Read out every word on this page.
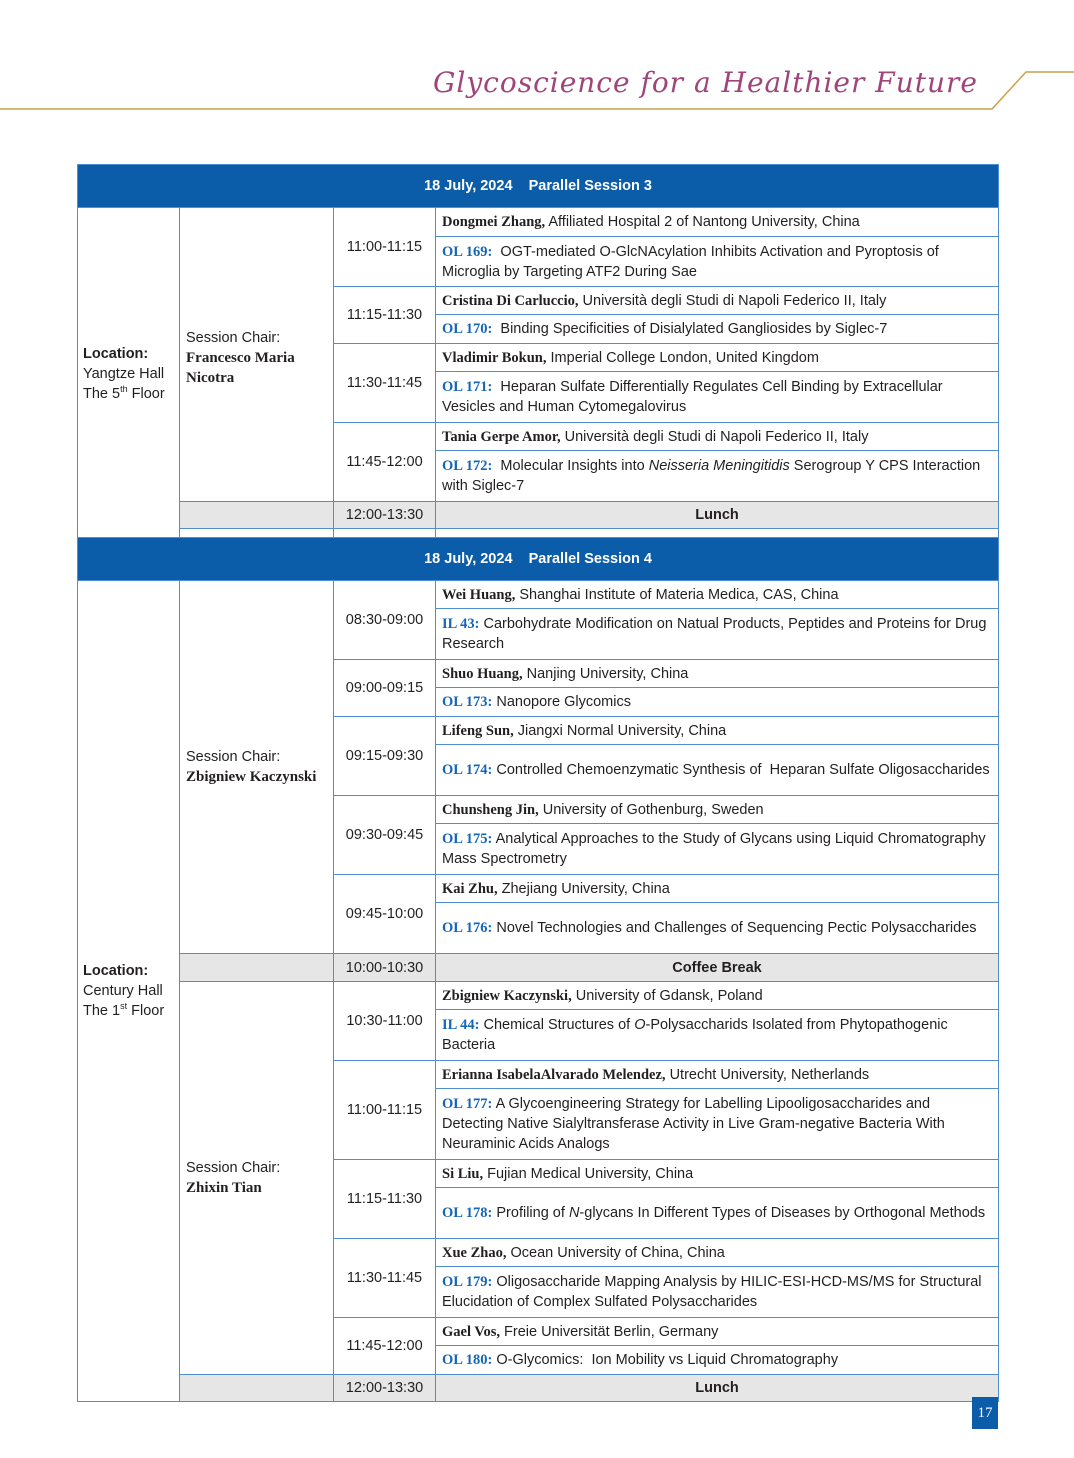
Glycoscience for a Healthier Future
18 July, 2024    Parallel Session 3			
Location:
Yangtze Hall
The 5th Floor	Session Chair:
Francesco Maria Nicotra	11:00-11:15	Dongmei Zhang, Affiliated Hospital 2 of Nantong University, China
			OL 169:  OGT-mediated O-GlcNAcylation Inhibits Activation and Pyroptosis of Microglia by Targeting ATF2 During Sae
		11:15-11:30	Cristina Di Carluccio, Università degli Studi di Napoli Federico II, Italy
			OL 170:  Binding Specificities of Disialylated Gangliosides by Siglec-7
		11:30-11:45	Vladimir Bokun, Imperial College London, United Kingdom
			OL 171:  Heparan Sulfate Differentially Regulates Cell Binding by Extracellular Vesicles and Human Cytomegalovirus
		11:45-12:00	Tania Gerpe Amor, Università degli Studi di Napoli Federico II, Italy
			OL 172:  Molecular Insights into Neisseria Meningitidis Serogroup Y CPS Interaction with Siglec-7
		12:00-13:30	Lunch

18 July, 2024    Parallel Session 4			
Location:
Century Hall
The 1st Floor	Session Chair:
Zbigniew Kaczynski	08:30-09:00	Wei Huang, Shanghai Institute of Materia Medica, CAS, China
			IL 43: Carbohydrate Modification on Natual Products, Peptides and Proteins for Drug Research
		09:00-09:15	Shuo Huang, Nanjing University, China
			OL 173: Nanopore Glycomics
		09:15-09:30	Lifeng Sun, Jiangxi Normal University, China
			OL 174: Controlled Chemoenzymatic Synthesis of  Heparan Sulfate Oligosaccharides
		09:30-09:45	Chunsheng Jin, University of Gothenburg, Sweden
			OL 175: Analytical Approaches to the Study of Glycans using Liquid Chromatography Mass Spectrometry
		09:45-10:00	Kai Zhu, Zhejiang University, China
			OL 176: Novel Technologies and Challenges of Sequencing Pectic Polysaccharides
		10:00-10:30	Coffee Break
	Session Chair:
Zhixin Tian	10:30-11:00	Zbigniew Kaczynski, University of Gdansk, Poland
			IL 44: Chemical Structures of O-Polysaccharids Isolated from Phytopathogenic Bacteria
		11:00-11:15	Erianna IsabelaAlvarado Melendez, Utrecht University, Netherlands
			OL 177: A Glycoengineering Strategy for Labelling Lipooligosaccharides and Detecting Native Sialyltransferase Activity in Live Gram-negative Bacteria With Neuraminic Acids Analogs
		11:15-11:30	Si Liu, Fujian Medical University, China
			OL 178: Profiling of N-glycans In Different Types of Diseases by Orthogonal Methods
		11:30-11:45	Xue Zhao, Ocean University of China, China
			OL 179: Oligosaccharide Mapping Analysis by HILIC-ESI-HCD-MS/MS for Structural Elucidation of Complex Sulfated Polysaccharides
		11:45-12:00	Gael Vos, Freie Universität Berlin, Germany
			OL 180: O-Glycomics:  Ion Mobility vs Liquid Chromatography
		12:00-13:30	Lunch
17
